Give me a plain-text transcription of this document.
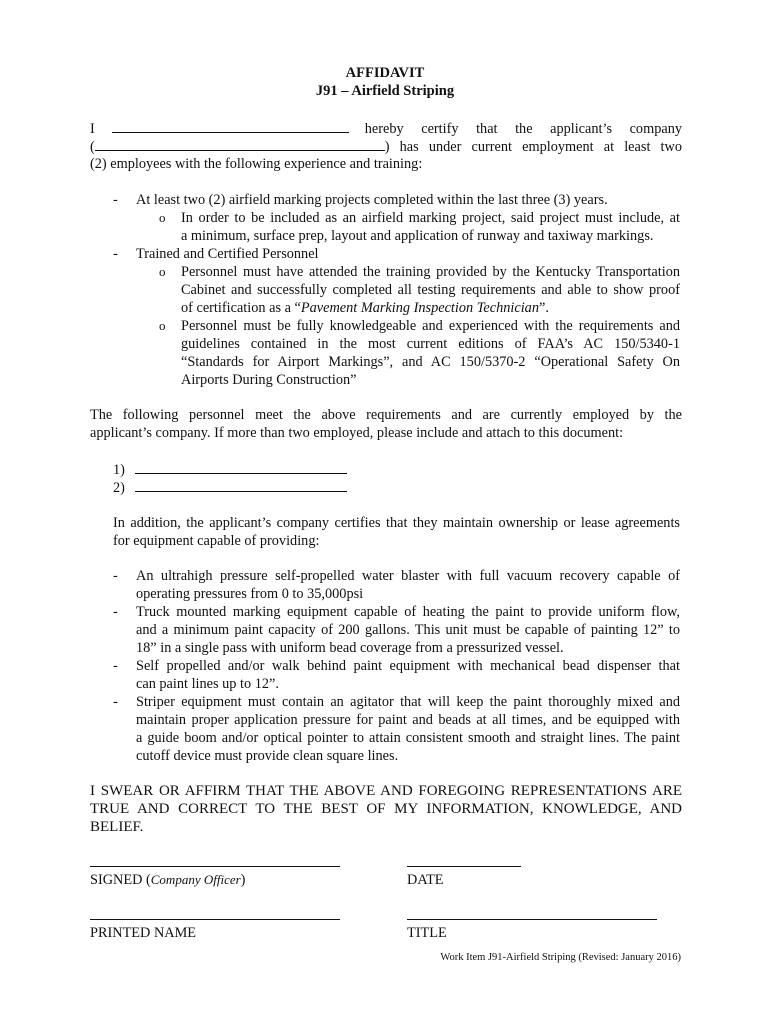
AFFIDAVIT
J91 – Airfield Striping
I	hereby certify that the applicant’s company
(	) has under current employment at least two
(2) employees with the following experience and training:
- At least two (2) airfield marking projects completed within the last three (3) years.
o In order to be included as an airfield marking project, said project must include, at
a minimum, surface prep, layout and application of runway and taxiway markings.
- Trained and Certified Personnel
o Personnel must have attended the training provided by the Kentucky Transportation
Cabinet and successfully completed all testing requirements and able to show proof
of certification as a “Pavement Marking Inspection Technician”.
o Personnel must be fully knowledgeable and experienced with the requirements and
guidelines contained in the most current editions of FAA’s AC 150/5340-1
“Standards for Airport Markings”, and AC 150/5370-2 “Operational Safety On
Airports During Construction”
The following personnel meet the above requirements and are currently employed by the
applicant’s company. If more than two employed, please include and attach to this document:
1)
2)
In addition, the applicant’s company certifies that they maintain ownership or lease agreements
for equipment capable of providing:
- An ultrahigh pressure self-propelled water blaster with full vacuum recovery capable of
operating pressures from 0 to 35,000psi
- Truck mounted marking equipment capable of heating the paint to provide uniform flow,
and a minimum paint capacity of 200 gallons. This unit must be capable of painting 12” to
18” in a single pass with uniform bead coverage from a pressurized vessel.
- Self propelled and/or walk behind paint equipment with mechanical bead dispenser that
can paint lines up to 12”.
- Striper equipment must contain an agitator that will keep the paint thoroughly mixed and
maintain proper application pressure for paint and beads at all times, and be equipped with
a guide boom and/or optical pointer to attain consistent smooth and straight lines. The paint
cutoff device must provide clean square lines.
I SWEAR OR AFFIRM THAT THE ABOVE AND FOREGOING REPRESENTATIONS ARE
TRUE AND CORRECT TO THE BEST OF MY INFORMATION, KNOWLEDGE, AND
BELIEF.
SIGNED (Company Officer)	DATE
PRINTED NAME	TITLE
Work Item J91-Airfield Striping (Revised: January 2016)
